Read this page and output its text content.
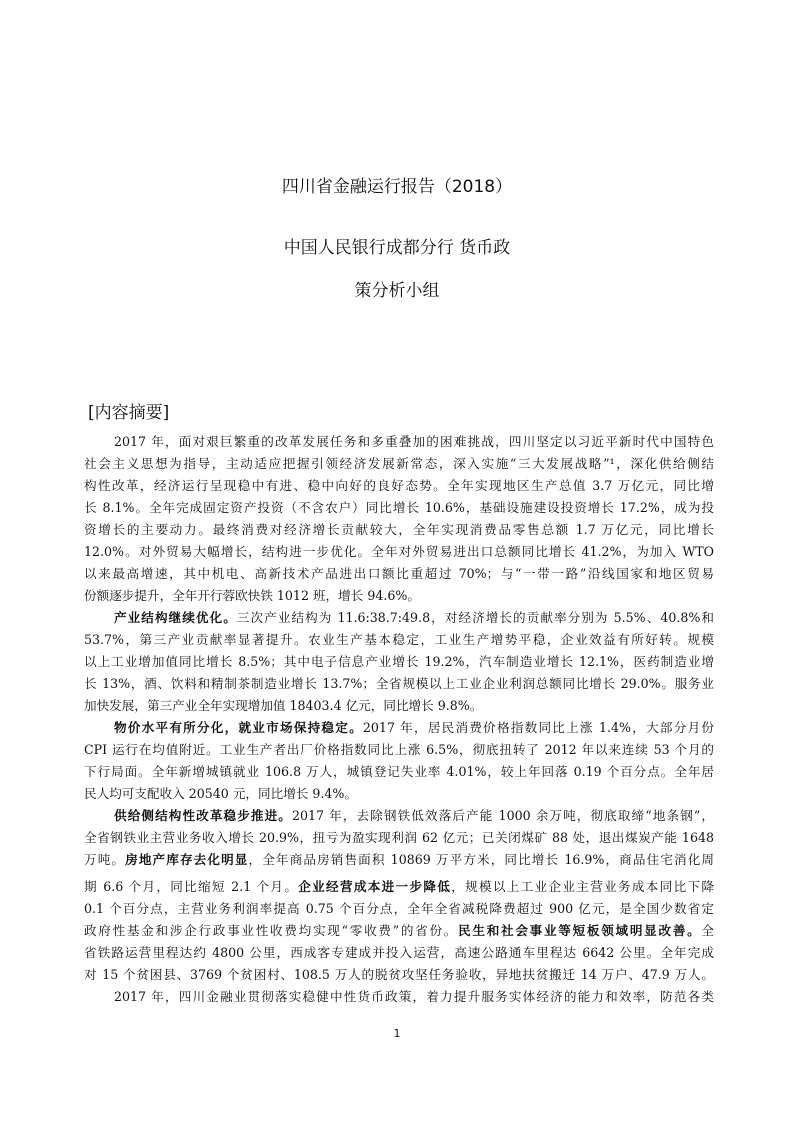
四川省金融运行报告（2018）
中国人民银行成都分行 货币政
策分析小组
[内容摘要]
2017 年，面对艰巨繁重的改革发展任务和多重叠加的困难挑战，四川坚定以习近平新时代中国特色
社会主义思想为指导，主动适应把握引领经济发展新常态，深入实施“三大发展战略”¹，深化供给侧结
构性改革，经济运行呈现稳中有进、稳中向好的良好态势。全年实现地区生产总值 3.7 万亿元，同比增
长 8.1%。全年完成固定资产投资（不含农户）同比增长 10.6%，基础设施建设投资增长 17.2%，成为投
资增长的主要动力。最终消费对经济增长贡献较大，全年实现消费品零售总额 1.7 万亿元，同比增长
12.0%。对外贸易大幅增长，结构进一步优化。全年对外贸易进出口总额同比增长 41.2%，为加入 WTO
以来最高增速，其中机电、高新技术产品进出口额比重超过 70%；与“一带一路”沿线国家和地区贸易
份额逐步提升，全年开行蓉欧快铁 1012 班，增长 94.6%。
产业结构继续优化。三次产业结构为 11.6:38.7:49.8，对经济增长的贡献率分别为 5.5%、40.8%和
53.7%，第三产业贡献率显著提升。农业生产基本稳定，工业生产增势平稳，企业效益有所好转。规模
以上工业增加值同比增长 8.5%；其中电子信息产业增长 19.2%，汽车制造业增长 12.1%，医药制造业增
长 13%，酒、饮料和精制茶制造业增长 13.7%；全省规模以上工业企业利润总额同比增长 29.0%。服务业
加快发展，第三产业全年实现增加值 18403.4 亿元，同比增长 9.8%。
物价水平有所分化，就业市场保持稳定。2017 年，居民消费价格指数同比上涨 1.4%，大部分月份
CPI 运行在均值附近。工业生产者出厂价格指数同比上涨 6.5%，彻底扭转了 2012 年以来连续 53 个月的
下行局面。全年新增城镇就业 106.8 万人，城镇登记失业率 4.01%，较上年回落 0.19 个百分点。全年居
民人均可支配收入 20540 元，同比增长 9.4%。
供给侧结构性改革稳步推进。2017 年，去除钢铁低效落后产能 1000 余万吨，彻底取缔“地条钢”，
全省钢铁业主营业务收入增长 20.9%，扭亏为盈实现利润 62 亿元；已关闭煤矿 88 处，退出煤炭产能 1648
万吨。房地产库存去化明显，全年商品房销售面积 10869 万平方米，同比增长 16.9%，商品住宅消化周
期 6.6 个月，同比缩短 2.1 个月。企业经营成本进一步降低，规模以上工业企业主营业务成本同比下降
0.1 个百分点，主营业务利润率提高 0.75 个百分点，全年全省减税降费超过 900 亿元，是全国少数省定
政府性基金和涉企行政事业性收费均实现“零收费”的省份。民生和社会事业等短板领域明显改善。全
省铁路运营里程达约 4800 公里，西成客专建成并投入运营，高速公路通车里程达 6642 公里。全年完成
对 15 个贫困县、3769 个贫困村、108.5 万人的脱贫攻坚任务验收，异地扶贫搬迁 14 万户、47.9 万人。
2017 年，四川金融业贯彻落实稳健中性货币政策，着力提升服务实体经济的能力和效率，防范各类
1
